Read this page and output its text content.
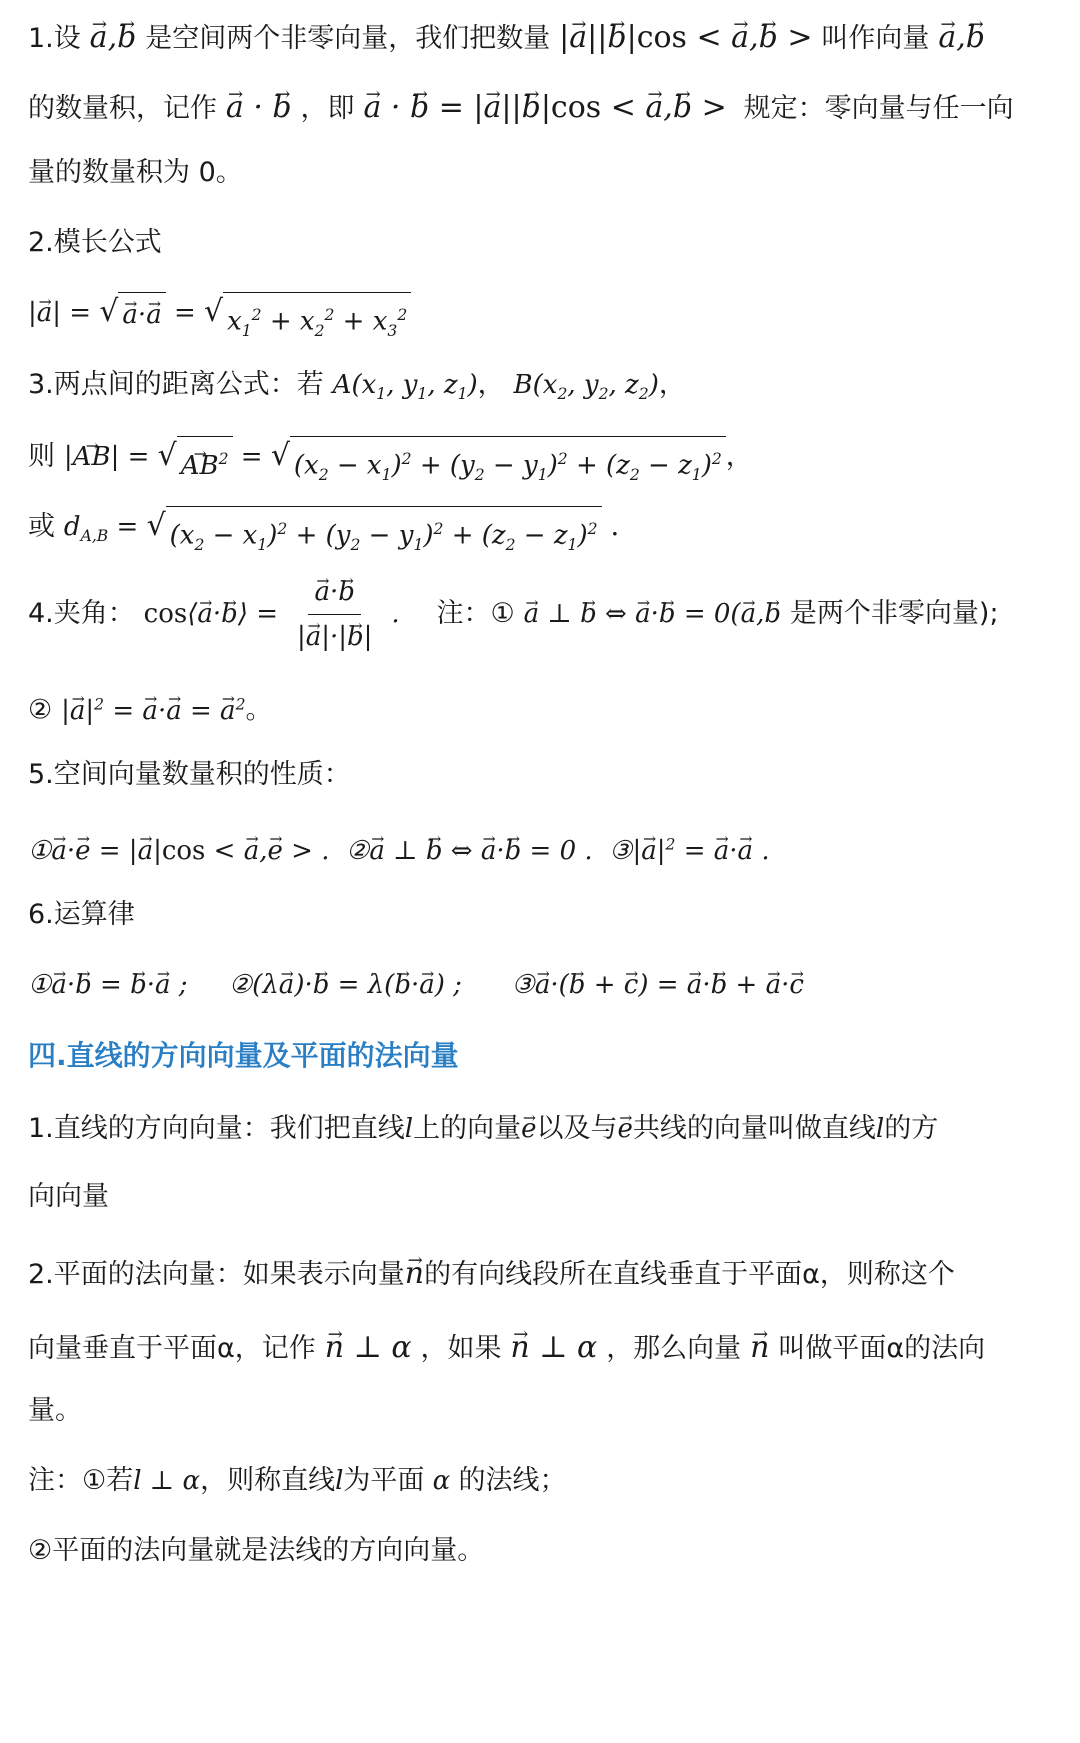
1.设 → a,→ b 是空间两个非零向量，我们把数量 |→ a||→ b|cos < → a,→ b > 叫作向量 → a,→ b
的数量积，记作 → a · → b ，即 → a · → b = |→ a||→ b|cos < → a,→ b > 规定：零向量与任一向
量的数量积为 0。
2.模长公式
|→ a| = √ → a·→ a = √ $x_1^2 + x_2^2 + x_3^2$
3.两点间的距离公式：若 $A(x_1$, $y_1$, $z_1$)， $B(x_2$, $y_2$, $z_2$)，
则 |→ AB| = √ → $AB^2$ = √ $(x_2 - x_1)^2 + (y_2 - y_1)^2 + (z_2 - z_1)^2$ ，
或 $d_{A,B}$ = √ $(x_2 - x_1)^2 + (y_2 - y_1)^2 + (z_2 - z_1)^2$ .
4.夹角： cos⟨→ a·→ b⟩ = → $\frac{a\cdot\to b}{|\to a|\cdot|\to b|}$ . 注：① → a ⊥ → b ⇔ → a·→ b = 0(→ a,→ b 是两个非零向量);
② |→ $a|^2$ = → a·→ a = → $a^2$。
5.空间向量数量积的性质：
①→ a·→ e = |→ a|cos < → a,→ e > .  ②→ a ⊥ → b ⇔ → a·→ b = 0 .  ③|→ $a|^2$ = → a·→ a .
6.运算律
①→ a·→ b = → b·→ a ;     ②(λ→ a)·→ b = λ(→ b·→ a) ;      ③→ a·(→ b + → c) = → a·→ b + → a·→ c
四.直线的方向向量及平面的法向量
1.直线的方向向量：我们把直线l上的向量→ e以及与→ e共线的向量叫做直线l的方
向向量
2.平面的法向量：如果表示向量→ n的有向线段所在直线垂直于平面α，则称这个
向量垂直于平面α，记作 → n ⊥ α ，如果 → n ⊥ α ，那么向量 → n 叫做平面α的法向
量。
注：①若l ⊥ α，则称直线l为平面 α 的法线；
②平面的法向量就是法线的方向向量。
